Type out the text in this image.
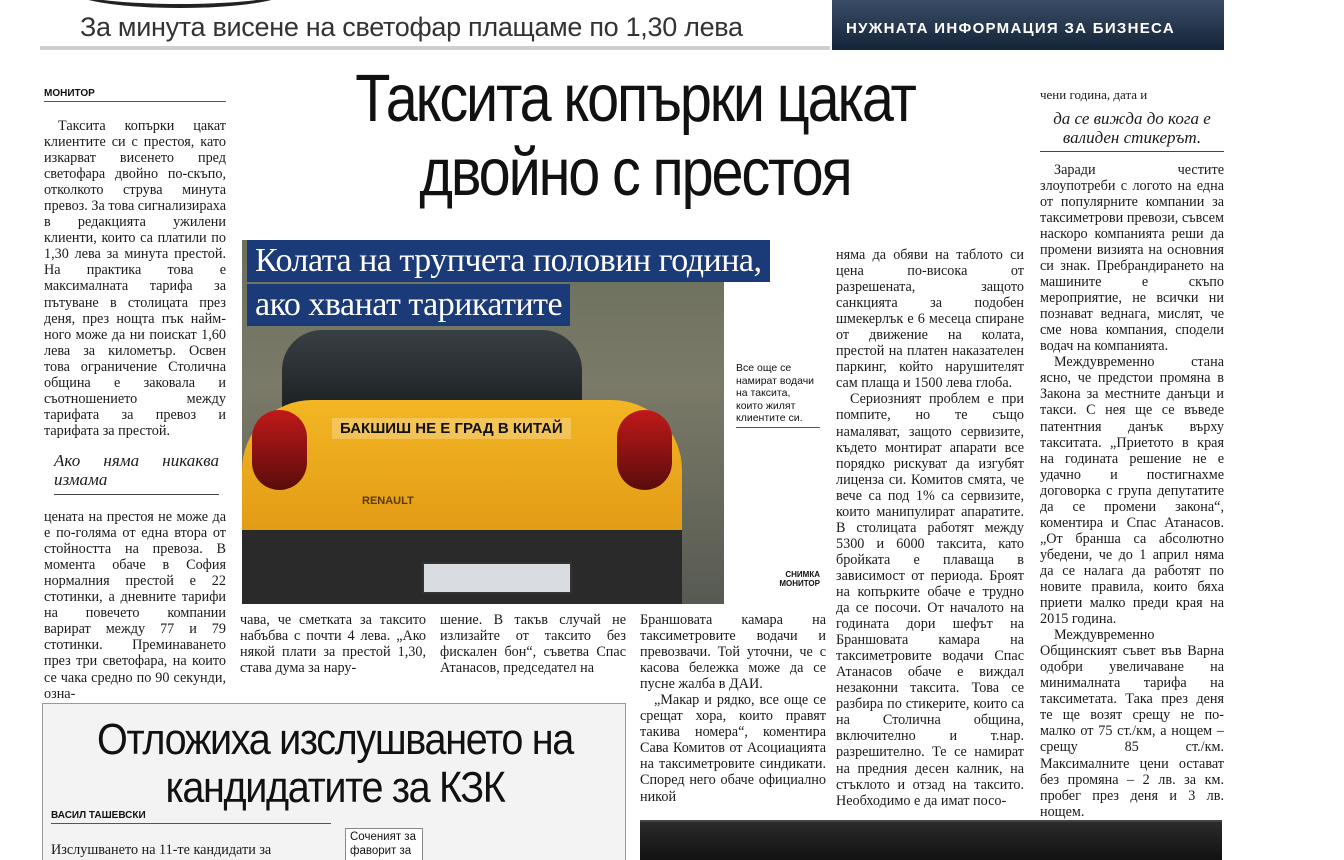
За минута висене на светофар плащаме по 1,30 лева	НУЖНАТА ИНФОРМАЦИЯ ЗА БИЗНЕСА
МОНИТОР	Таксита копърки цакат
двойно с престоя

Таксита копърки цакат клиентите си с престоя, като изкарват висенето пред светофара двойно по-скъпо, отколкото струва минута превоз. За това сигнализираха в редакцията ужилени клиенти, които са платили по 1,30 лева за минута престой. На практика това е максималната тарифа за пътуване в столицата през деня, през нощта пък наймного може да ни поискат 1,60 лева за километър. Освен това ограничение Столична община е заковала и съотношението между тарифата за превоз и тарифата за престой.

Ако няма никаква измама

цената на престоя не може да е по-голяма от една втора от стойността на превоза. В момента обаче в София нормалния престой е 22 стотинки, а дневните тарифи на повечето компании варират между 77 и 79 стотинки. Преминаването през три светофара, на които се чака средно по 90 секунди, озна-

БАКШИШ НЕ Е ГРАД В КИТАЙ
RENAULT
Колата на трупчета половин година,
ако хванат тарикатите
Все още се намират водачи на таксита, които жилят клиентите си.
СНИМКА МОНИТОР
чава, че сметката за таксито набъбва с почти 4 лева. „Ако някой плати за престой 1,30, става дума за нару-
шение. В такъв случай не излизайте от таксито без фискален бон“, съветва Спас Атанасов, председател на

няма да обяви на таблото си цена по-висока от разрешената, защото санкцията за подобен шмекерлък е 6 месеца спиране от движение на колата, престой на платен наказателен паркинг, който нарушителят сам плаща и 1500 лева глоба.

Сериозният проблем е при помпите, но те също намаляват, защото сервизите, където монтират апарати все порядко рискуват да изгубят лиценза си. Комитов смята, че вече са под 1% са сервизите, които манипулират апаратите. В столицата работят между 5300 и 6000 таксита, като бройката е плаваща в зависимост от периода. Броят на копърките обаче е трудно да се посочи. От началото на годината дори шефът на Браншовата камара на таксиметровите водачи Спас Атанасов обаче е виждал незаконни таксита. Това се разбира по стикерите, които са на Столична община, включително и т.нар. разрешително. Те се намират на предния десен калник, на стъклото и отзад на таксито. Необходимо е да имат посо-

Браншовата камара на таксиметровите водачи и превозвачи. Той уточни, че с касова бележка може да се пусне жалба в ДАИ.

„Макар и рядко, все още се срещат хора, които правят такива номера“, коментира Сава Комитов от Асоциацията на таксиметровите синдикати. Според него обаче официално никой

чени година, дата и

да се вижда до кога е валиден стикерът.

Заради честите злоупотреби с логото на една от популярните компании за таксиметрови превози, съвсем наскоро компанията реши да промени визията на основния си знак. Пребрандирането на машините е скъпо мероприятие, не всички ни познават веднага, мислят, че сме нова компания, сподели водач на компанията.

Междувременно стана ясно, че предстои промяна в Закона за местните данъци и такси. С нея ще се въведе патентния данък върху такситата. „Приетото в края на годината решение не е удачно и постигнахме договорка с група депутатите да се промени закона“, коментира и Спас Атанасов. „От бранша са абсолютно убедени, че до 1 април няма да се налага да работят по новите правила, които бяха приети малко преди края на 2015 година.

Междувременно Общинският съвет във Варна одобри увеличаване на минималната тарифа на таксиметата. Така през деня те ще возят срещу не по-малко от 75 ст./км, а нощем – срещу 85 ст./км. Максималните цени остават без промяна – 2 лв. за км. пробег през деня и 3 лв. нощем.

Отложиха изслушването на
кандидатите за КЗК
ВАСИЛ ТАШЕВСКИ
Изслушването на 11-те кандидати за
Сочeният за фаворит за
